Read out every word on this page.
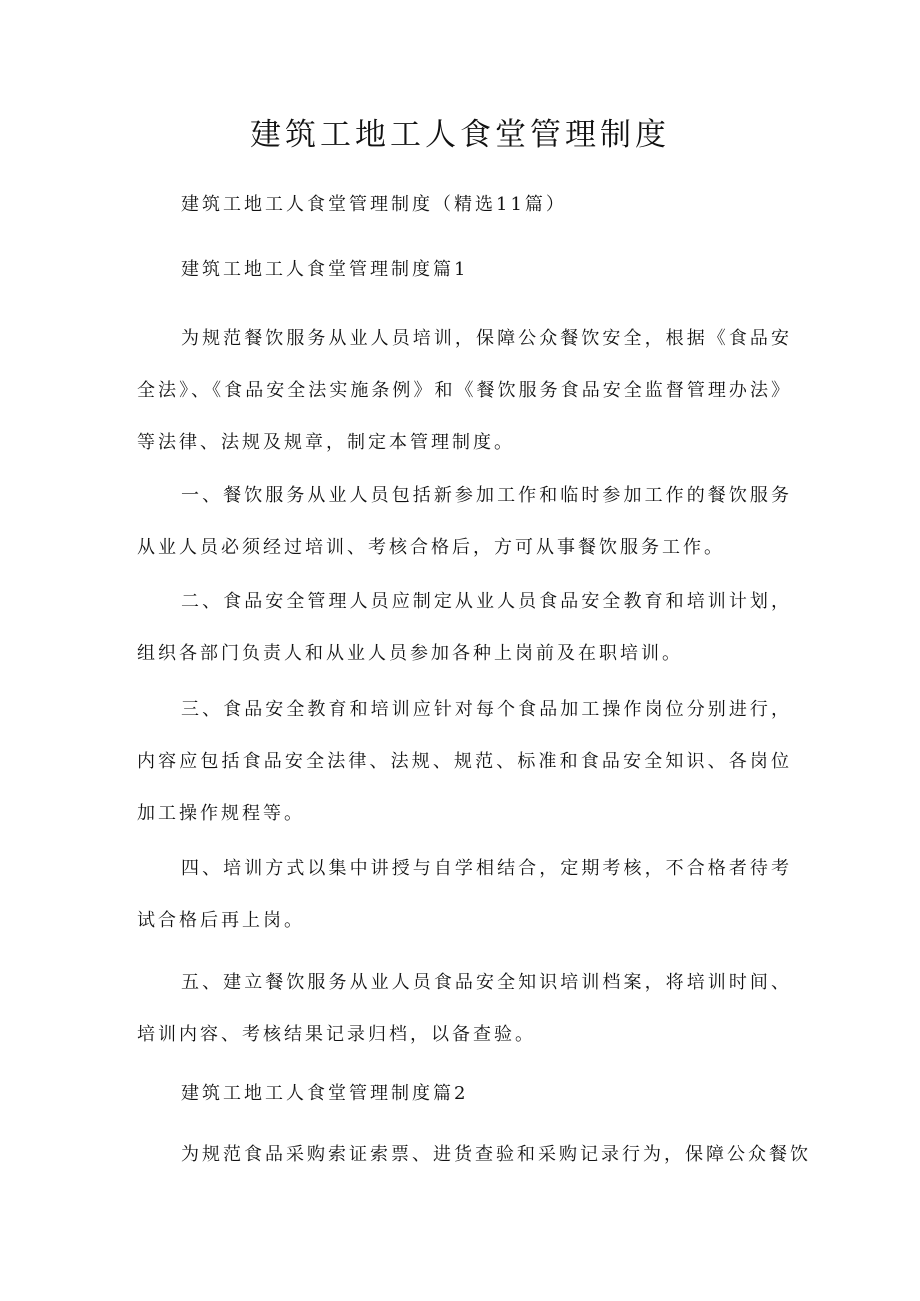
建筑工地工人食堂管理制度

建筑工地工人食堂管理制度（精选11篇）

建筑工地工人食堂管理制度篇1

为规范餐饮服务从业人员培训，保障公众餐饮安全，根据《食品安全法》、《食品安全法实施条例》和《餐饮服务食品安全监督管理办法》等法律、法规及规章，制定本管理制度。

一、餐饮服务从业人员包括新参加工作和临时参加工作的餐饮服务从业人员必须经过培训、考核合格后，方可从事餐饮服务工作。

二、食品安全管理人员应制定从业人员食品安全教育和培训计划，组织各部门负责人和从业人员参加各种上岗前及在职培训。

三、食品安全教育和培训应针对每个食品加工操作岗位分别进行，内容应包括食品安全法律、法规、规范、标准和食品安全知识、各岗位加工操作规程等。

四、培训方式以集中讲授与自学相结合，定期考核，不合格者待考试合格后再上岗。

五、建立餐饮服务从业人员食品安全知识培训档案，将培训时间、培训内容、考核结果记录归档，以备查验。

建筑工地工人食堂管理制度篇2

为规范食品采购索证索票、进货查验和采购记录行为，保障公众餐饮
